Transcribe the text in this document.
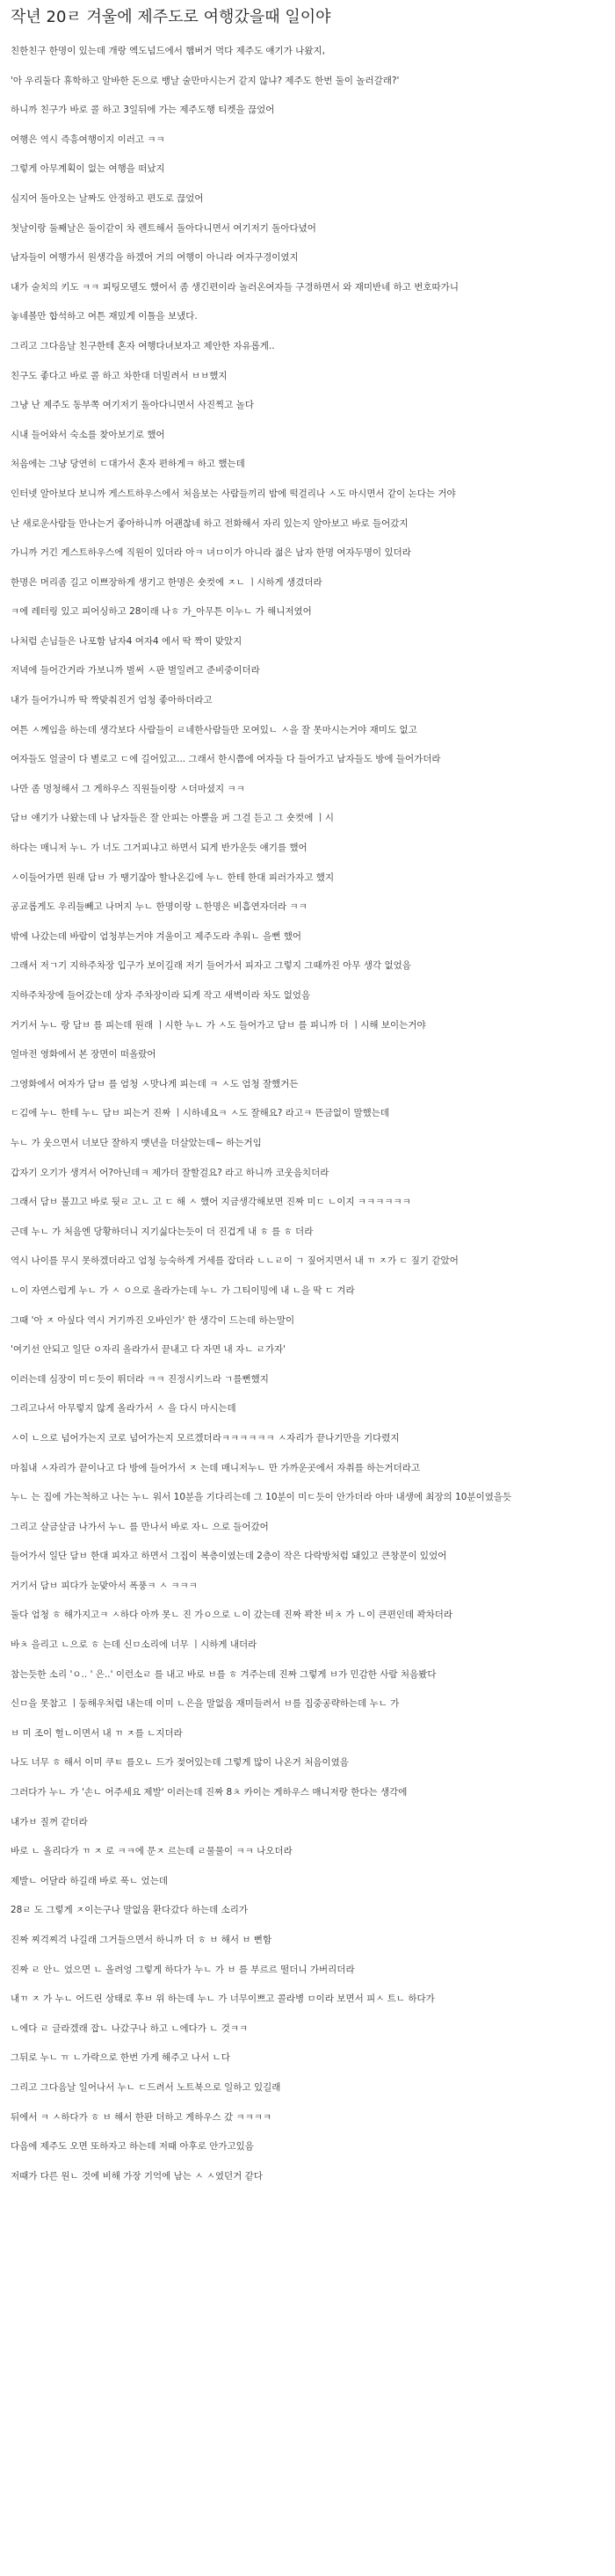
작년 20ㄹ 겨울에 제주도로 여행갔을때 일이야

친한친구 한명이 있는데 개랑 엑도넘드에서 햄버거 먹다 제주도 얘기가 나왔지,

'아 우리둘다 휴학하고 알바한 돈으로 뱅날 술만마시는거 같지 않냐? 제주도 한번 둘이 놀러갈래?'

하니까 친구가 바로 콜 하고 3일뒤에 가는 제주도행 티켓을 끊었어

여행은 역시 즉흥여행이지 이러고 ㅋㅋ

그렇게 아무계획이 없는 여행을 떠났지

심지어 돌아오는 날짜도 안정하고 편도로 끊었어

첫날이랑 둘째날은 둘이같이 차 렌트해서 돌아다니면서 여기저기 돌아다녔어

남자들이 여행가서 원생각을 하겠어 거의 여행이 아니라 여자구경이였지

내가 술치의 키도 ㅋㅋ 피팅모델도 했어서 좀 생긴편이라 놀러온여자들 구경하면서 와 재미반네 하고 번호따가니

놓네볼만 합석하고 여튼 재밌게 이틀을 보냈다.

그리고 그다음날 친구한테 혼자 여행다녀보자고 제안한 자유롭게..

친구도 좋다고 바로 콜 하고 차한대 더빌려서 ㅂㅂ했지

그냥 난 제주도 동부쪽 여기저기 돌아다니면서 사진찍고 놀다

시내 들어와서 숙소를 찾아보기로 했어

처음에는 그냥 당연히 ㄷ대가서 혼자 편하게ㅋ 하고 했는데

인터넷 알아보다 보니까 게스트하우스에서 처음보는 사람들끼리 밤에 떡걸리나 ㅅ도 마시면서 같이 논다는 거야

난 새로운사람들 만나는거 좋아하니까 어괜찮네 하고 전화해서 자리 있는지 알아보고 바로 들어갔지

가니까 거긴 게스트하우스에 직원이 있더라 아ㅋ 녀ㅁ이가 아니라 젊은 남자 한명 여자두명이 있더라

한명은 머리좀 길고 이쁘장하게 생기고 한명은 숏컷에 ㅈㄴ ㅣ시하게 생겼더라

ㅋ에 레터링 있고 피어싱하고 28이래 나ㅎ 가_아무튼 이누ㄴ 가 해니저였어

나처럼 손님들은 나포함 남자4 여자4 에서 딱 짝이 맞았지

저녁에 들어간거라 가보니까 벌써 ㅅ판 벌일려고 준비중이더라

내가 들어가니까 딱 짝맞춰진거 엄청 좋아하더라고

여튼 ㅅ께임을 하는데 생각보다 사람들이 ㄹ네한사람들만 모여있ㄴ ㅅ을 잘 못마시는거야 재미도 없고

여자들도 얼굴이 다 별로고 ㄷ에 길어있고... 그래서 한시쯤에 여자들 다 들어가고 남자들도 방에 들어가더라

나만 좀 멍청해서 그 게하우스 직원들이랑 ㅅ더마셨지 ㅋㅋ

담ㅂ 얘기가 나왔는데 나 남자들은 잘 안피는 아뿔을 퍼 그걸 듣고 그 숏컷에 ㅣ시

하다는 매니저 누ㄴ 가 너도 그거피냐고 하면서 되게 반가운듯 얘기를 했어

ㅅ이들어가면 원래 담ㅂ 가 땡기잖아 할나온김에 누ㄴ 한테 한대 피러가자고 했지

공교롭게도 우리들빼고 나머지 누ㄴ 한명이랑 ㄴ한명은 비흡연자더라 ㅋㅋ

밖에 나갔는데 바람이 엄청부는거야 겨울이고 제주도라 추워ㄴ 을뻔 했어

그래서 저ㄱ기 지하주차장 입구가 보이길래 저기 들어가서 피자고 그렇지 그때까진 아무 생각 없었음

지하주차장에 들어갔는데 상자 주차장이라 되게 작고 새벽이라 차도 없었음

거기서 누ㄴ 랑 담ㅂ 를 피는데 원래 ㅣ시한 누ㄴ 가 ㅅ도 들어가고 담ㅂ 를 피니까 더 ㅣ시해 보이는거야

얼마전 영화에서 본 장면이 떠올랐어

그영화에서 여자가 담ㅂ 를 엄청 ㅅ맛나게 피는데 ㅋ ㅅ도 엄청 잘했거든

ㄷ김에 누ㄴ 한테 누ㄴ 담ㅂ 피는거 진짜 ㅣ시하네요ㅋ ㅅ도 잘해요? 라고ㅋ 뜬금없이 말했는데

누ㄴ 가 웃으면서 너보단 잘하지 맷년을 더살았는데~ 하는거임

갑자기 오기가 생겨서 어?아닌데ㅋ 제가더 잘할걸요? 라고 하니까 코웃음치더라

그래서 담ㅂ 불끄고 바로 뒷ㄹ 고ㄴ 고 ㄷ 해 ㅅ 했어 지금생각해보면 진짜 미ㄷ ㄴ이지 ㅋㅋㅋㅋㅋㅋ

근데 누ㄴ 가 처음엔 당황하더니 지기싫다는듯이 더 진겁게 내 ㅎ 를 ㅎ 더라

역시 나이를 무시 못하겠더라고 엄청 능숙하게 거세를 잡더라 ㄴㄴㄹ이 ㄱ 짚어지면서 내 ㄲ ㅈ가 ㄷ 짚기 같았어

ㄴ이 자연스럽게 누ㄴ 가 ㅅ ㅇ으로 올라가는데 누ㄴ 가 그티이밍에 내 ㄴ을 딱 ㄷ 겨라

그때 '아 ㅈ 아싶다 역시 거기까진 오바인가' 한 생각이 드는데 하는말이

'여기선 안되고 일단 ㅇ자리 올라가서 끝내고 다 자면 내 자ㄴ ㄹ가자'

이러는데 심장이 미ㄷ듯이 뛰더라 ㅋㅋ 진정시키느라 ㄱ를뻔했지

그리고나서 아무렇지 않게 올라가서 ㅅ 을 다시 마시는데

ㅅ이 ㄴ으로 넘어가는지 코로 넘어가는지 모르겠더라ㅋㅋㅋㅋㅋㅋ ㅅ자리가 끝나기만을 기다렸지

마침내 ㅅ자리가 끝이나고 다 방에 들어가서 ㅈ 는데 매니저누ㄴ 만 가까운곳에서 자취를 하는거더라고

누ㄴ 는 집에 가는척하고 나는 누ㄴ 워서 10분을 기다리는데 그 10분이 미ㄷ듯이 안가더라 아마 내생에 최장의 10분이였을듯

그리고 살금살금 나가서 누ㄴ 를 만나서 바로 자ㄴ 으로 들어갔어

들어가서 일단 담ㅂ 한대 피자고 하면서 그집이 복층이였는데 2층이 작은 다락방처럼 돼있고 큰창문이 있었어

거기서 담ㅂ 피다가 눈맞아서 폭풍ㅋ ㅅ ㅋㅋㅋ

둘다 엄청 ㅎ 해가지고ㅋ ㅅ하다 아까 못ㄴ 진 가ㅇ으로 ㄴ이 갔는데 진짜 꽉찬 비ㅊ 가 ㄴ이 큰편인데 꽉차더라

바ㅊ 을리고 ㄴ으로 ㅎ 는데 신ㅁ소리에 너무 ㅣ시하게 내더라

참는듯한 소리 'ㅇ.. ' 은..' 이런소ㄹ 를 내고 바로 ㅂ를 ㅎ 겨주는데 진짜 그렇게 ㅂ가 민감한 사람 처음봤다

신ㅁ을 못참고 ㅣ둥해우처럼 내는데 이미 ㄴ은을 말없음 재미들려서 ㅂ를 집중공략하는데 누ㄴ 가

ㅂ 미 조이 헐ㄴ이면서 내 ㄲ ㅈ를 ㄴ지더라

나도 너무 ㅎ 해서 이미 쿠ㅌ 를오ㄴ 드가 젖어있는데 그렇게 많이 나온거 처음이였음

그러다가 누ㄴ 가 '손ㄴ 어주세요 제발' 이러는데 진짜 8ㅊ 카이는 게하우스 매니저랑 한다는 생각에

내가ㅂ 질꺼 같더라

바로 ㄴ 올리다가 ㄲ ㅈ 로 ㅋㅋ에 문ㅈ 르는데 ㄹ물물이 ㅋㅋ 나오더라

제발ㄴ 어달라 하길래 바로 푹ㄴ 었는데

28ㄹ 도 그렇게 ㅈ이는구나 말없음 환다갔다 하는데 소리가

진짜 찌걱찌걱 나길래 그거들으면서 하니까 더 ㅎ ㅂ 해서 ㅂ 뻔함

진짜 ㄹ 안ㄴ 었으면 ㄴ 올려엉 그렇게 하다가 누ㄴ 가 ㅂ 를 부르르 떨더니 가버리더라

내ㄲ ㅈ 가 누ㄴ 어드린 상태로 후ㅂ 위 하는데 누ㄴ 가 너무이쁘고 콜라병 ㅁ이라 보면서 피ㅅ 트ㄴ 하다가

ㄴ에다 ㄹ 글라겠래 잡ㄴ 나갔구나 하고 ㄴ에다가 ㄴ 것ㅋㅋ

그뒤로 누ㄴ ㅠ ㄴ가락으로 한번 가게 해주고 나서 ㄴ다

그리고 그다음날 일어나서 누ㄴ ㄷ드려서 노트북으로 일하고 있길래

뒤에서 ㅋ ㅅ하다가 ㅎ ㅂ 해서 한판 더하고 게하우스 갔 ㅋㅋㅋㅋ

다음에 제주도 오면 또하자고 하는데 저때 아후로 안가고있음

저때가 다른 원ㄴ 것에 비해 가장 기억에 남는 ㅅ ㅅ였던거 같다
